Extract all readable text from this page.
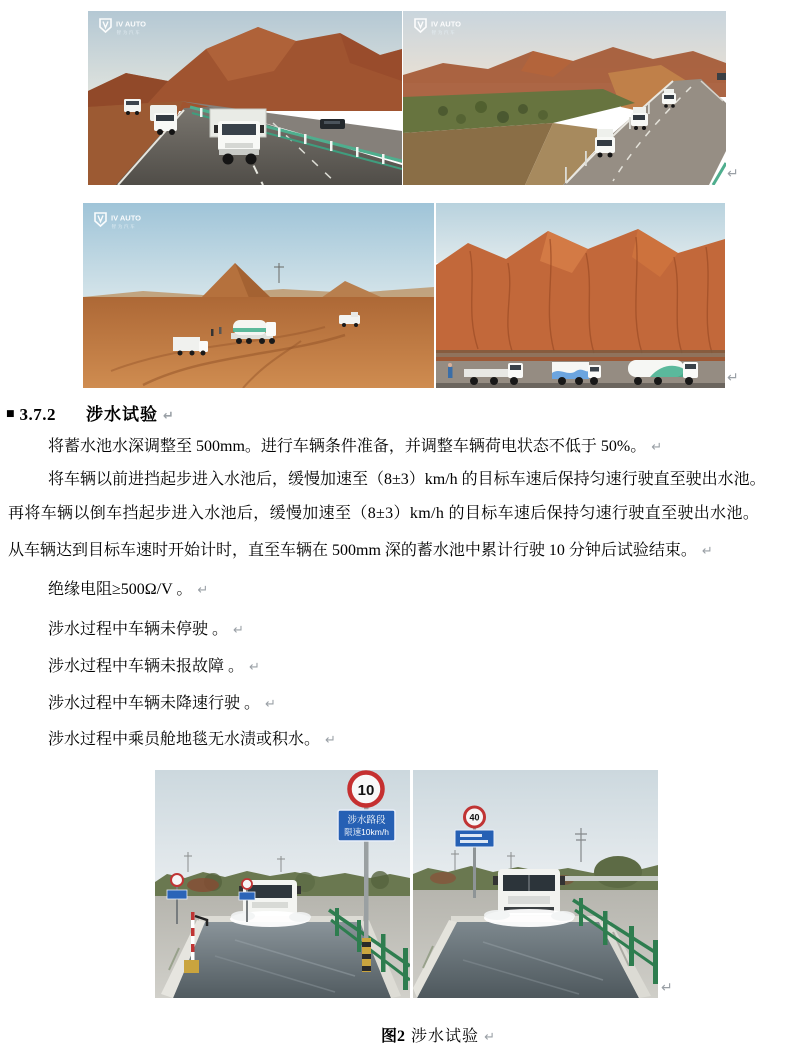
IV AUTO
智为汽车
IV AUTO
智为汽车
↵
IV AUTO
智为汽车
↵
■ 3.7.2 涉水试验 ↵
将蓄水池水深调整至 500mm。进行车辆条件准备，并调整车辆荷电状态不低于 50%。 ↵
将车辆以前进挡起步进入水池后，缓慢加速至（8±3）km/h 的目标车速后保持匀速行驶直至驶出水池。
再将车辆以倒车挡起步进入水池后，缓慢加速至（8±3）km/h 的目标车速后保持匀速行驶直至驶出水池。
从车辆达到目标车速时开始计时，直至车辆在 500mm 深的蓄水池中累计行驶 10 分钟后试验结束。 ↵
绝缘电阻≥500Ω/V 。 ↵
涉水过程中车辆未停驶 。 ↵
涉水过程中车辆未报故障 。 ↵
涉水过程中车辆未降速行驶 。 ↵
涉水过程中乘员舱地毯无水渍或积水。 ↵
10
涉水路段
限速10km/h
40
↵
图2 涉水试验 ↵
